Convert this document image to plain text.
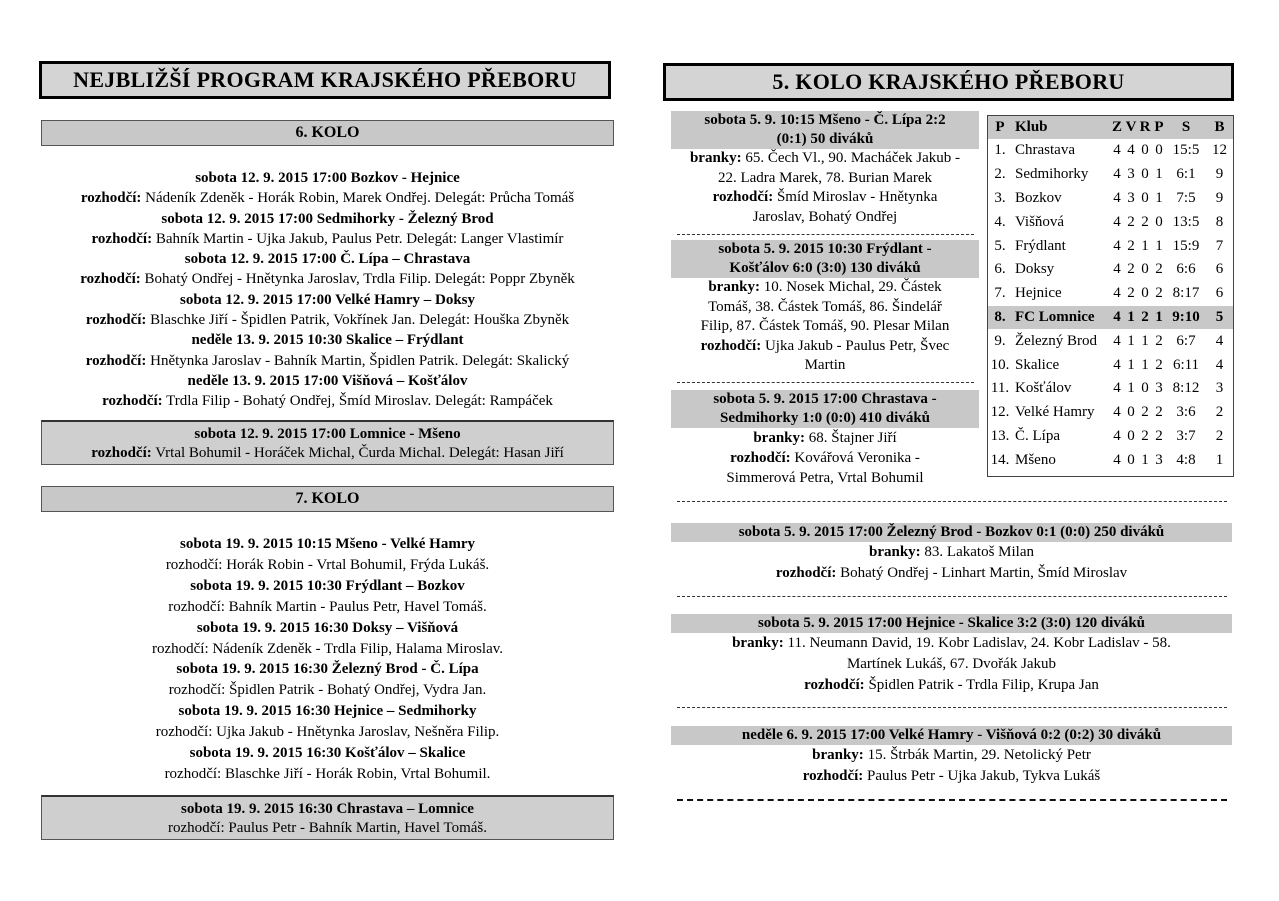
NEJBLIŽŠÍ PROGRAM KRAJSKÉHO PŘEBORU
6. KOLO
sobota 12. 9. 2015 17:00 Bozkov - Hejnice
rozhodčí: Nádeník Zdeněk - Horák Robin, Marek Ondřej. Delegát: Průcha Tomáš
sobota 12. 9. 2015 17:00 Sedmihorky - Železný Brod
rozhodčí: Bahník Martin - Ujka Jakub, Paulus Petr. Delegát: Langer Vlastimír
sobota 12. 9. 2015 17:00 Č. Lípa – Chrastava
rozhodčí: Bohatý Ondřej - Hnětynka Jaroslav, Trdla Filip. Delegát: Poppr Zbyněk
sobota 12. 9. 2015 17:00 Velké Hamry – Doksy
rozhodčí: Blaschke Jiří - Špidlen Patrik, Vokřínek Jan. Delegát: Houška Zbyněk
neděle 13. 9. 2015 10:30 Skalice – Frýdlant
rozhodčí: Hnětynka Jaroslav - Bahník Martin, Špidlen Patrik. Delegát: Skalický
neděle 13. 9. 2015 17:00 Višňová – Košťálov
rozhodčí: Trdla Filip - Bohatý Ondřej, Šmíd Miroslav. Delegát: Rampáček
sobota 12. 9. 2015 17:00 Lomnice - Mšeno
rozhodčí: Vrtal Bohumil - Horáček Michal, Čurda Michal. Delegát: Hasan Jiří
7. KOLO
sobota 19. 9. 2015 10:15 Mšeno - Velké Hamry
rozhodčí: Horák Robin - Vrtal Bohumil, Frýda Lukáš.
sobota 19. 9. 2015 10:30 Frýdlant – Bozkov
rozhodčí: Bahník Martin - Paulus Petr, Havel Tomáš.
sobota 19. 9. 2015 16:30 Doksy – Višňová
rozhodčí: Nádeník Zdeněk - Trdla Filip, Halama Miroslav.
sobota 19. 9. 2015 16:30 Železný Brod - Č. Lípa
rozhodčí: Špidlen Patrik - Bohatý Ondřej, Vydra Jan.
sobota 19. 9. 2015 16:30 Hejnice – Sedmihorky
rozhodčí: Ujka Jakub - Hnětynka Jaroslav, Nešněra Filip.
sobota 19. 9. 2015 16:30 Košťálov – Skalice
rozhodčí: Blaschke Jiří - Horák Robin, Vrtal Bohumil.
sobota 19. 9. 2015 16:30 Chrastava – Lomnice
rozhodčí: Paulus Petr - Bahník Martin, Havel Tomáš.
5. KOLO KRAJSKÉHO PŘEBORU
sobota 5. 9. 10:15 Mšeno - Č. Lípa 2:2
(0:1) 50 diváků
branky: 65. Čech Vl., 90. Macháček Jakub -
22. Ladra Marek, 78. Burian Marek
rozhodčí: Šmíd Miroslav - Hnětynka
Jaroslav, Bohatý Ondřej
sobota 5. 9. 2015 10:30 Frýdlant -
Košťálov 6:0 (3:0) 130 diváků
branky: 10. Nosek Michal, 29. Částek
Tomáš, 38. Částek Tomáš, 86. Šindelář
Filip, 87. Částek Tomáš, 90. Plesar Milan
rozhodčí: Ujka Jakub - Paulus Petr, Švec
Martin
sobota 5. 9. 2015 17:00 Chrastava -
Sedmihorky 1:0 (0:0) 410 diváků
branky: 68. Štajner Jiří
rozhodčí: Kovářová Veronika -
Simmerová Petra, Vrtal Bohumil
P	Klub	Z	V	R	P	S	B
1.	Chrastava	4	4	0	0	15:5	12
2.	Sedmihorky	4	3	0	1	6:1	9
3.	Bozkov	4	3	0	1	7:5	9
4.	Višňová	4	2	2	0	13:5	8
5.	Frýdlant	4	2	1	1	15:9	7
6.	Doksy	4	2	0	2	6:6	6
7.	Hejnice	4	2	0	2	8:17	6
8.	FC Lomnice	4	1	2	1	9:10	5
9.	Železný Brod	4	1	1	2	6:7	4
10.	Skalice	4	1	1	2	6:11	4
11.	Košťálov	4	1	0	3	8:12	3
12.	Velké Hamry	4	0	2	2	3:6	2
13.	Č. Lípa	4	0	2	2	3:7	2
14.	Mšeno	4	0	1	3	4:8	1
sobota 5. 9. 2015 17:00 Železný Brod - Bozkov 0:1 (0:0) 250 diváků
branky: 83. Lakatoš Milan
rozhodčí: Bohatý Ondřej - Linhart Martin, Šmíd Miroslav
sobota 5. 9. 2015 17:00 Hejnice - Skalice 3:2 (3:0) 120 diváků
branky: 11. Neumann David, 19. Kobr Ladislav, 24. Kobr Ladislav - 58.
Martínek Lukáš, 67. Dvořák Jakub
rozhodčí: Špidlen Patrik - Trdla Filip, Krupa Jan
neděle 6. 9. 2015 17:00 Velké Hamry - Višňová 0:2 (0:2) 30 diváků
branky: 15. Štrbák Martin, 29. Netolický Petr
rozhodčí: Paulus Petr - Ujka Jakub, Tykva Lukáš
